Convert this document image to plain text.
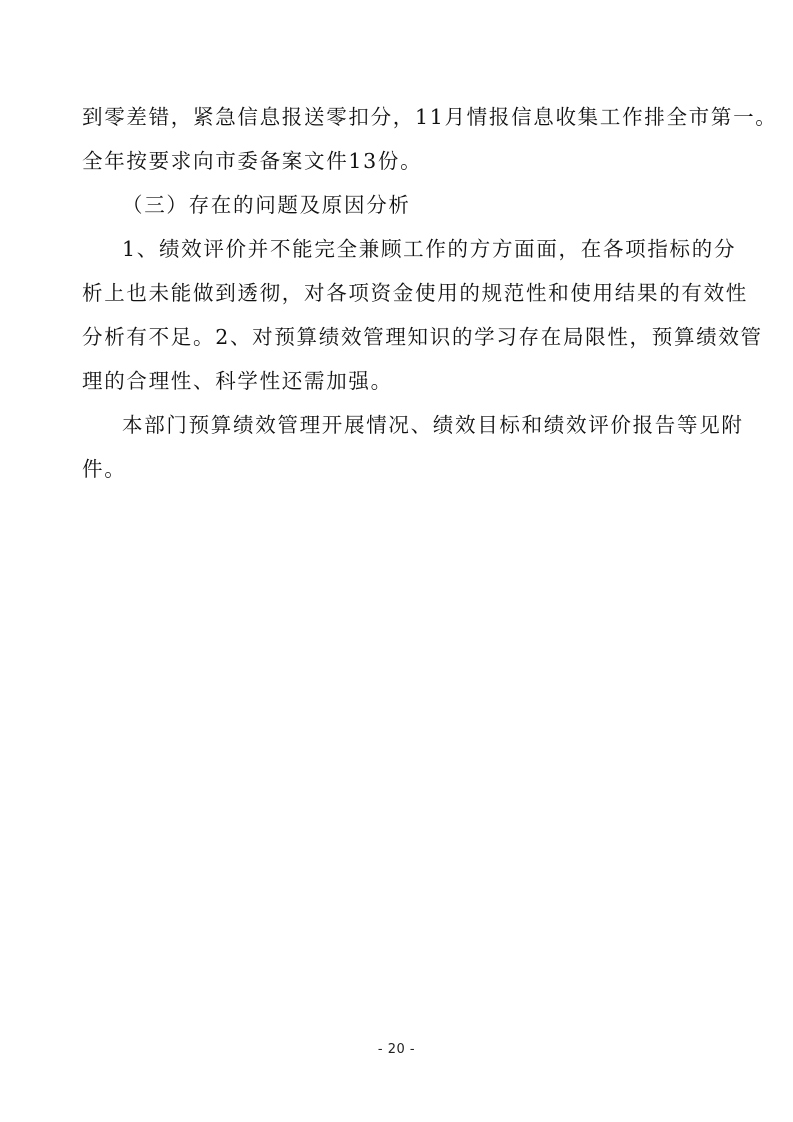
到零差错，紧急信息报送零扣分，11月情报信息收集工作排全市第一。
全年按要求向市委备案文件13份。
（三）存在的问题及原因分析
1、绩效评价并不能完全兼顾工作的方方面面，在各项指标的分
析上也未能做到透彻，对各项资金使用的规范性和使用结果的有效性
分析有不足。2、对预算绩效管理知识的学习存在局限性，预算绩效管
理的合理性、科学性还需加强。
本部门预算绩效管理开展情况、绩效目标和绩效评价报告等见附
件。
- 20 -
